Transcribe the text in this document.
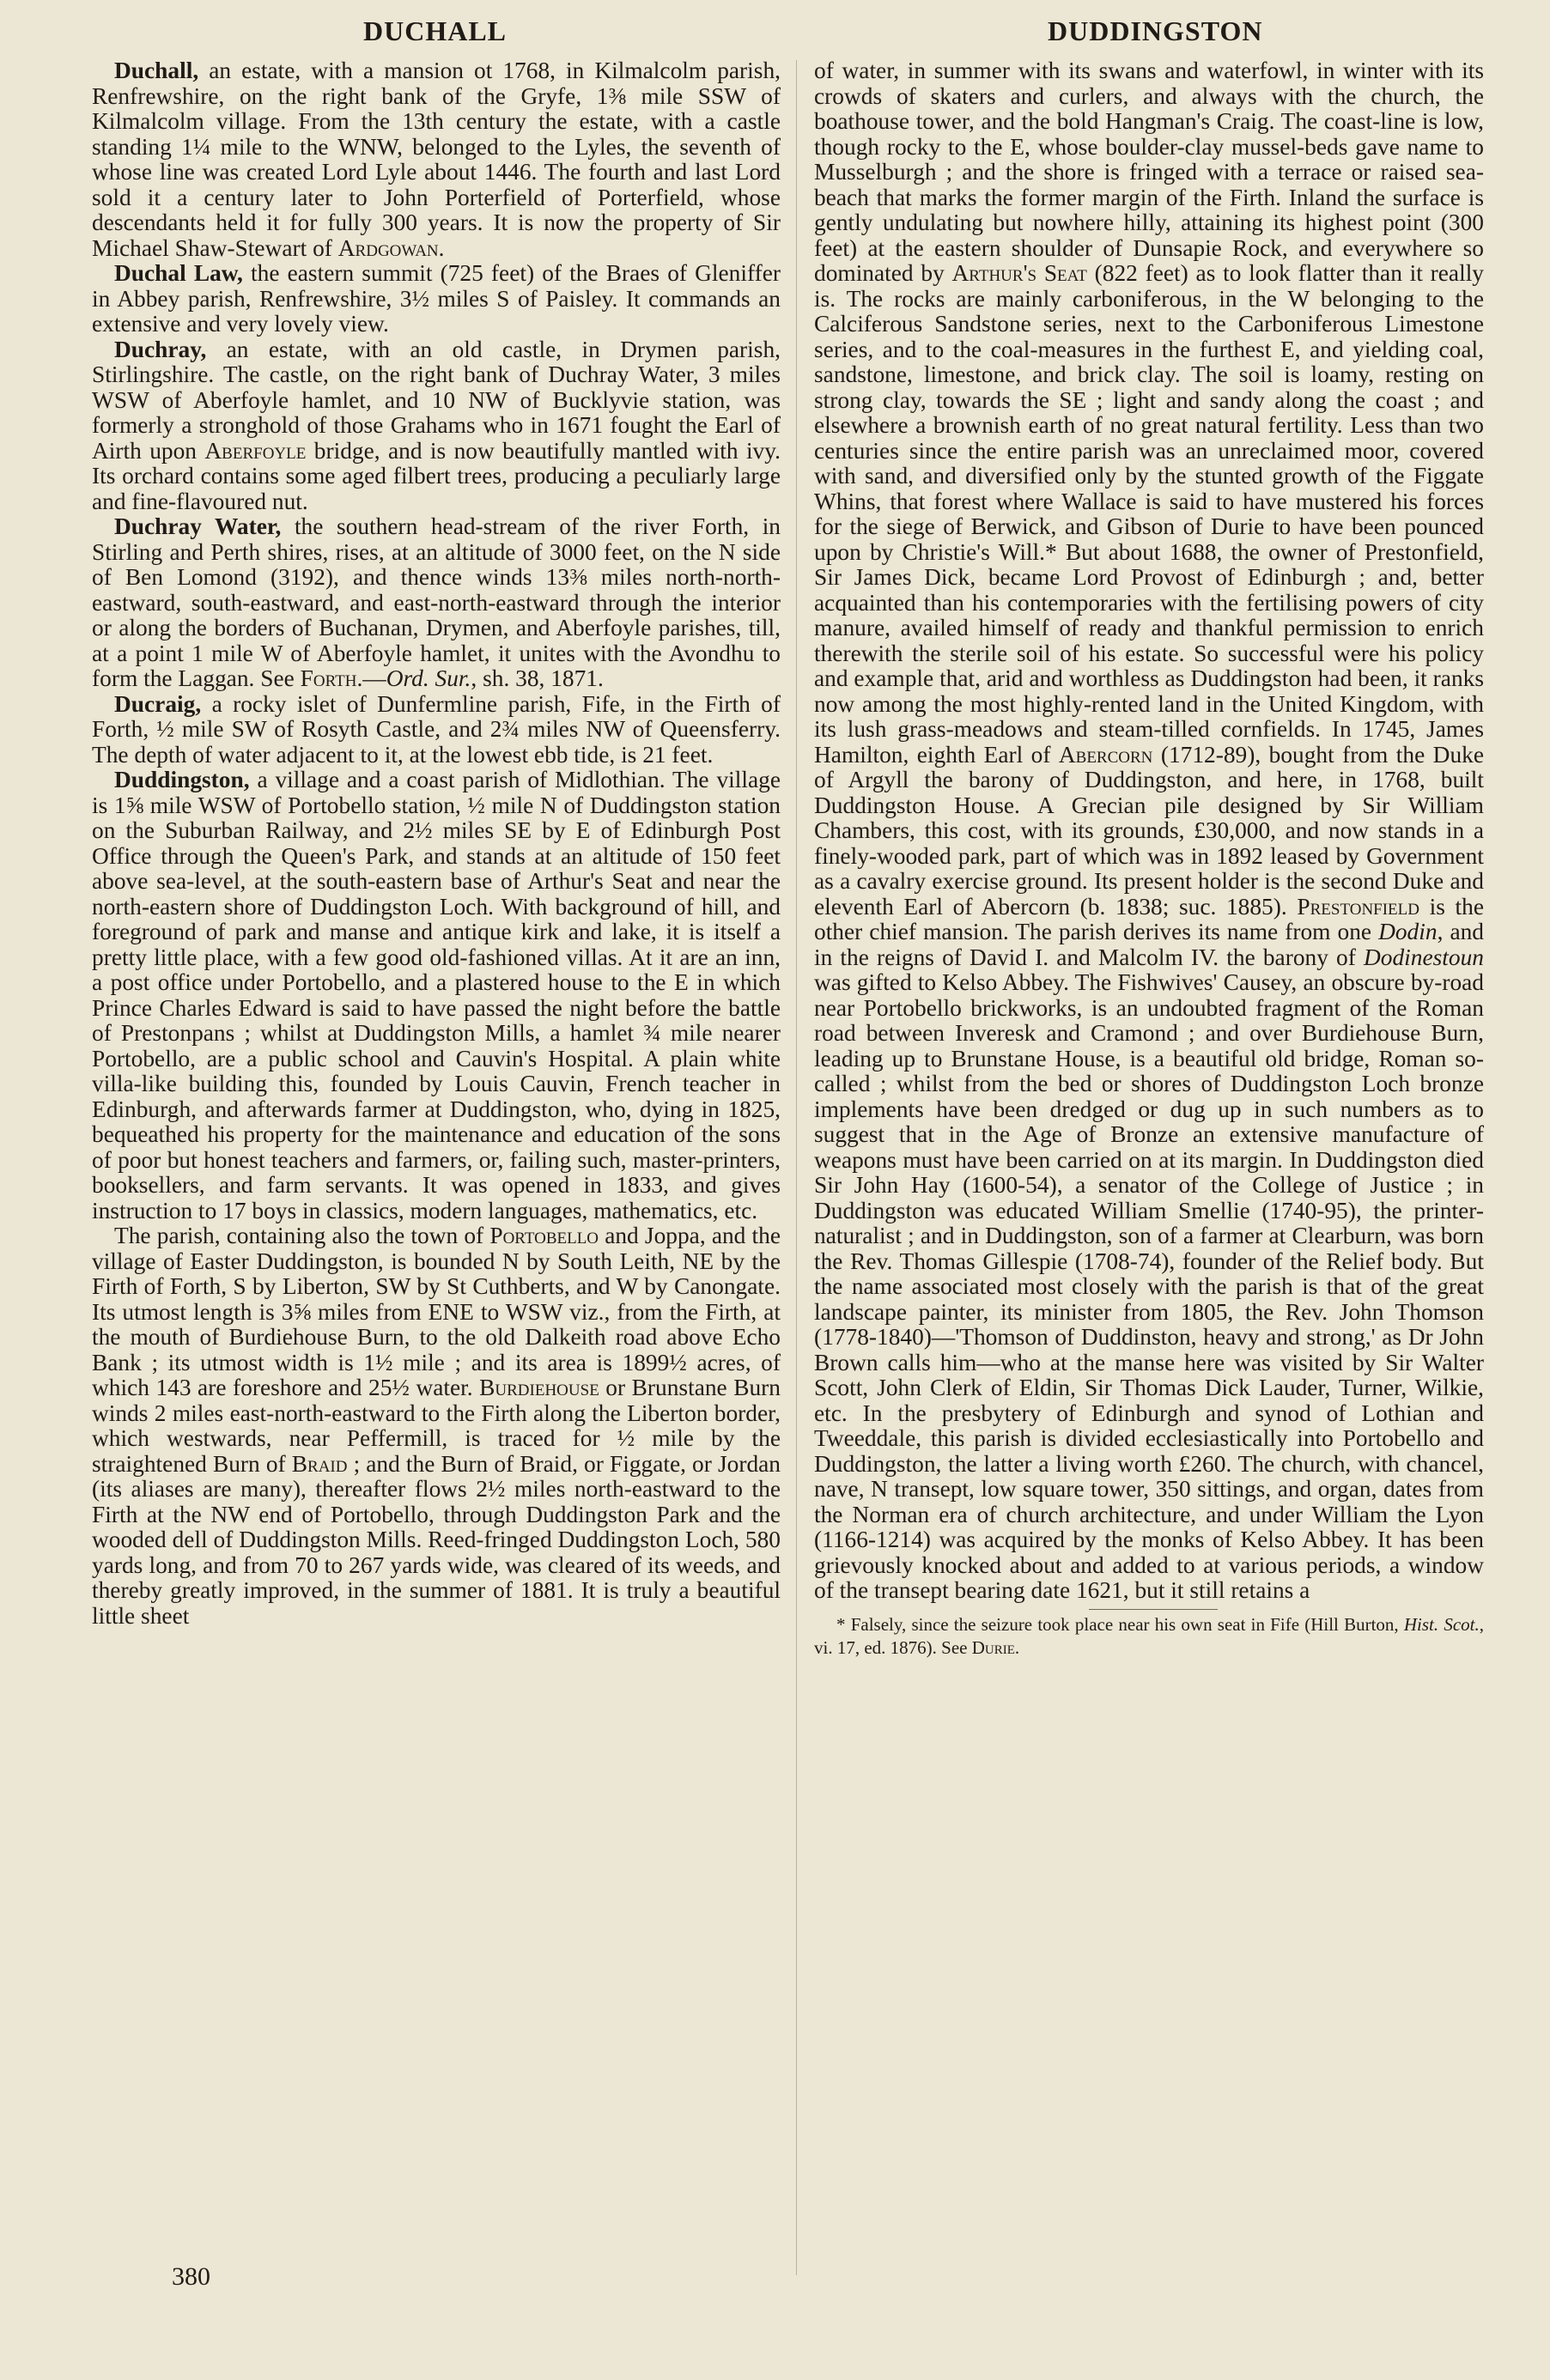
DUCHALL	DUDDINGSTON

Duchall, an estate, with a mansion ot 1768, in Kilmalcolm parish, Renfrewshire, on the right bank of the Gryfe, 1⅜ mile SSW of Kilmalcolm village. From the 13th century the estate, with a castle standing 1¼ mile to the WNW, belonged to the Lyles, the seventh of whose line was created Lord Lyle about 1446. The fourth and last Lord sold it a century later to John Porterfield of Porterfield, whose descendants held it for fully 300 years. It is now the property of Sir Michael Shaw-Stewart of Ardgowan.

Duchal Law, the eastern summit (725 feet) of the Braes of Gleniffer in Abbey parish, Renfrewshire, 3½ miles S of Paisley. It commands an extensive and very lovely view.

Duchray, an estate, with an old castle, in Drymen parish, Stirlingshire. The castle, on the right bank of Duchray Water, 3 miles WSW of Aberfoyle hamlet, and 10 NW of Bucklyvie station, was formerly a stronghold of those Grahams who in 1671 fought the Earl of Airth upon Aberfoyle bridge, and is now beautifully mantled with ivy. Its orchard contains some aged filbert trees, producing a peculiarly large and fine-flavoured nut.

Duchray Water, the southern head-stream of the river Forth, in Stirling and Perth shires, rises, at an altitude of 3000 feet, on the N side of Ben Lomond (3192), and thence winds 13⅜ miles north-north-eastward, south-eastward, and east-north-eastward through the interior or along the borders of Buchanan, Drymen, and Aberfoyle parishes, till, at a point 1 mile W of Aberfoyle hamlet, it unites with the Avondhu to form the Laggan. See Forth.—Ord. Sur., sh. 38, 1871.

Ducraig, a rocky islet of Dunfermline parish, Fife, in the Firth of Forth, ½ mile SW of Rosyth Castle, and 2¾ miles NW of Queensferry. The depth of water adjacent to it, at the lowest ebb tide, is 21 feet.

Duddingston, a village and a coast parish of Midlothian. The village is 1⅝ mile WSW of Portobello station, ½ mile N of Duddingston station on the Suburban Railway, and 2½ miles SE by E of Edinburgh Post Office through the Queen's Park, and stands at an altitude of 150 feet above sea-level, at the south-eastern base of Arthur's Seat and near the north-eastern shore of Duddingston Loch. With background of hill, and foreground of park and manse and antique kirk and lake, it is itself a pretty little place, with a few good old-fashioned villas. At it are an inn, a post office under Portobello, and a plastered house to the E in which Prince Charles Edward is said to have passed the night before the battle of Prestonpans ; whilst at Duddingston Mills, a hamlet ¾ mile nearer Portobello, are a public school and Cauvin's Hospital. A plain white villa-like building this, founded by Louis Cauvin, French teacher in Edinburgh, and afterwards farmer at Duddingston, who, dying in 1825, bequeathed his property for the maintenance and education of the sons of poor but honest teachers and farmers, or, failing such, master-printers, booksellers, and farm servants. It was opened in 1833, and gives instruction to 17 boys in classics, modern languages, mathematics, etc.

The parish, containing also the town of Portobello and Joppa, and the village of Easter Duddingston, is bounded N by South Leith, NE by the Firth of Forth, S by Liberton, SW by St Cuthberts, and W by Canongate. Its utmost length is 3⅝ miles from ENE to WSW viz., from the Firth, at the mouth of Burdiehouse Burn, to the old Dalkeith road above Echo Bank ; its utmost width is 1½ mile ; and its area is 1899½ acres, of which 143 are foreshore and 25½ water. Burdiehouse or Brunstane Burn winds 2 miles east-north-eastward to the Firth along the Liberton border, which westwards, near Peffermill, is traced for ½ mile by the straightened Burn of Braid ; and the Burn of Braid, or Figgate, or Jordan (its aliases are many), thereafter flows 2½ miles north-eastward to the Firth at the NW end of Portobello, through Duddingston Park and the wooded dell of Duddingston Mills. Reed-fringed Duddingston Loch, 580 yards long, and from 70 to 267 yards wide, was cleared of its weeds, and thereby greatly improved, in the summer of 1881. It is truly a beautiful little sheet

of water, in summer with its swans and waterfowl, in winter with its crowds of skaters and curlers, and always with the church, the boathouse tower, and the bold Hangman's Craig. The coast-line is low, though rocky to the E, whose boulder-clay mussel-beds gave name to Musselburgh ; and the shore is fringed with a terrace or raised sea-beach that marks the former margin of the Firth. Inland the surface is gently undulating but nowhere hilly, attaining its highest point (300 feet) at the eastern shoulder of Dunsapie Rock, and everywhere so dominated by Arthur's Seat (822 feet) as to look flatter than it really is. The rocks are mainly carboniferous, in the W belonging to the Calciferous Sandstone series, next to the Carboniferous Limestone series, and to the coal-measures in the furthest E, and yielding coal, sandstone, limestone, and brick clay. The soil is loamy, resting on strong clay, towards the SE ; light and sandy along the coast ; and elsewhere a brownish earth of no great natural fertility. Less than two centuries since the entire parish was an unreclaimed moor, covered with sand, and diversified only by the stunted growth of the Figgate Whins, that forest where Wallace is said to have mustered his forces for the siege of Berwick, and Gibson of Durie to have been pounced upon by Christie's Will.* But about 1688, the owner of Prestonfield, Sir James Dick, became Lord Provost of Edinburgh ; and, better acquainted than his contemporaries with the fertilising powers of city manure, availed himself of ready and thankful permission to enrich therewith the sterile soil of his estate. So successful were his policy and example that, arid and worthless as Duddingston had been, it ranks now among the most highly-rented land in the United Kingdom, with its lush grass-meadows and steam-tilled cornfields. In 1745, James Hamilton, eighth Earl of Abercorn (1712-89), bought from the Duke of Argyll the barony of Duddingston, and here, in 1768, built Duddingston House. A Grecian pile designed by Sir William Chambers, this cost, with its grounds, £30,000, and now stands in a finely-wooded park, part of which was in 1892 leased by Government as a cavalry exercise ground. Its present holder is the second Duke and eleventh Earl of Abercorn (b. 1838; suc. 1885). Prestonfield is the other chief mansion. The parish derives its name from one Dodin, and in the reigns of David I. and Malcolm IV. the barony of Dodinestoun was gifted to Kelso Abbey. The Fishwives' Causey, an obscure by-road near Portobello brickworks, is an undoubted fragment of the Roman road between Inveresk and Cramond ; and over Burdiehouse Burn, leading up to Brunstane House, is a beautiful old bridge, Roman so-called ; whilst from the bed or shores of Duddingston Loch bronze implements have been dredged or dug up in such numbers as to suggest that in the Age of Bronze an extensive manufacture of weapons must have been carried on at its margin. In Duddingston died Sir John Hay (1600-54), a senator of the College of Justice ; in Duddingston was educated William Smellie (1740-95), the printer-naturalist ; and in Duddingston, son of a farmer at Clearburn, was born the Rev. Thomas Gillespie (1708-74), founder of the Relief body. But the name associated most closely with the parish is that of the great landscape painter, its minister from 1805, the Rev. John Thomson (1778-1840)—'Thomson of Duddinston, heavy and strong,' as Dr John Brown calls him—who at the manse here was visited by Sir Walter Scott, John Clerk of Eldin, Sir Thomas Dick Lauder, Turner, Wilkie, etc. In the presbytery of Edinburgh and synod of Lothian and Tweeddale, this parish is divided ecclesiastically into Portobello and Duddingston, the latter a living worth £260. The church, with chancel, nave, N transept, low square tower, 350 sittings, and organ, dates from the Norman era of church architecture, and under William the Lyon (1166-1214) was acquired by the monks of Kelso Abbey. It has been grievously knocked about and added to at various periods, a window of the transept bearing date 1621, but it still retains a

* Falsely, since the seizure took place near his own seat in Fife (Hill Burton, Hist. Scot., vi. 17, ed. 1876). See Durie.

380
